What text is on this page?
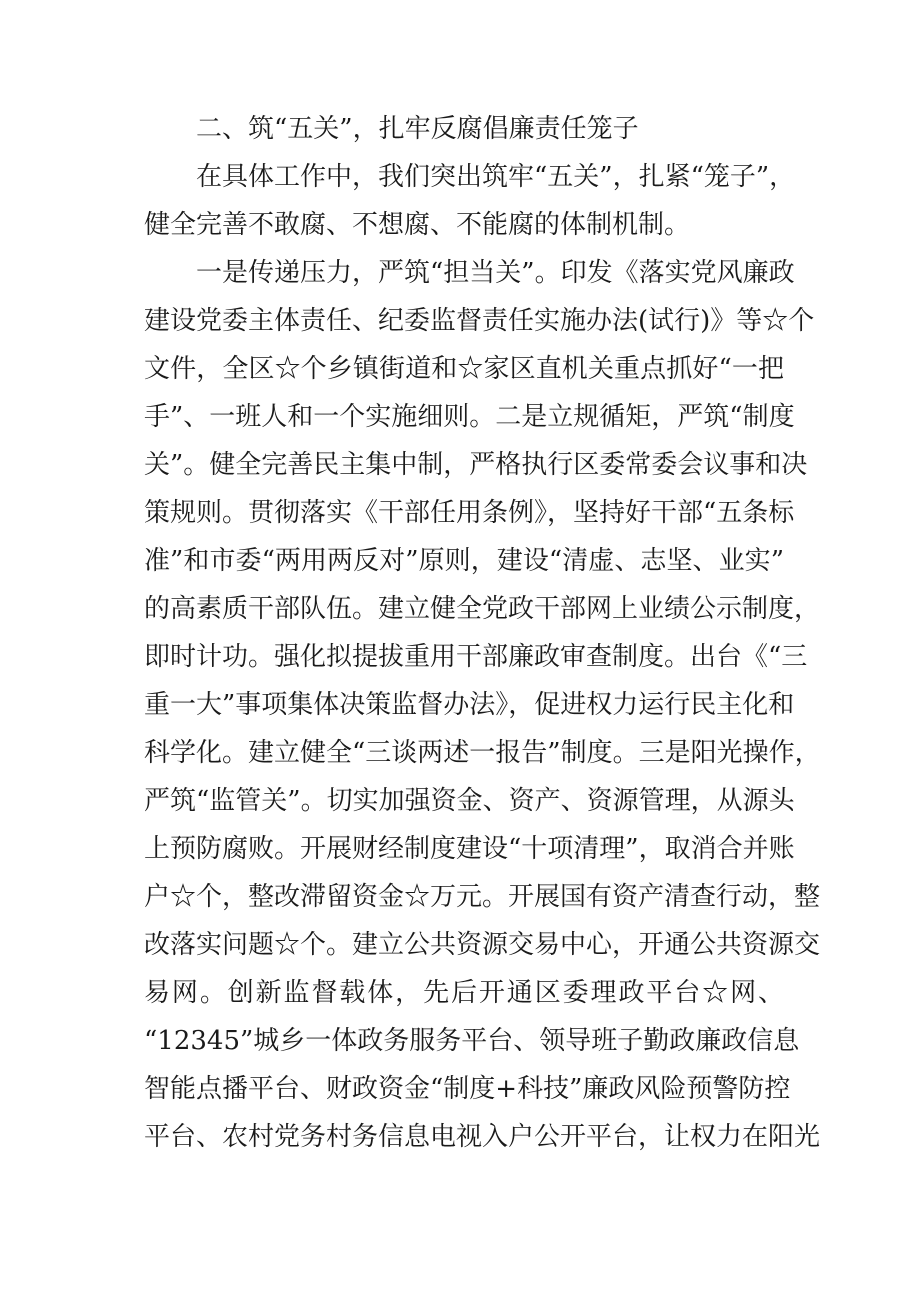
二、筑“五关”，扎牢反腐倡廉责任笼子
在具体工作中，我们突出筑牢“五关”，扎紧“笼子”，
健全完善不敢腐、不想腐、不能腐的体制机制。
一是传递压力，严筑“担当关”。印发《落实党风廉政
建设党委主体责任、纪委监督责任实施办法(试行)》等☆个
文件，全区☆个乡镇街道和☆家区直机关重点抓好“一把
手”、一班人和一个实施细则。二是立规循矩，严筑“制度
关”。健全完善民主集中制，严格执行区委常委会议事和决
策规则。贯彻落实《干部任用条例》，坚持好干部“五条标
准”和市委“两用两反对”原则，建设“清虚、志坚、业实”
的高素质干部队伍。建立健全党政干部网上业绩公示制度，
即时计功。强化拟提拔重用干部廉政审查制度。出台《“三
重一大”事项集体决策监督办法》，促进权力运行民主化和
科学化。建立健全“三谈两述一报告”制度。三是阳光操作，
严筑“监管关”。切实加强资金、资产、资源管理，从源头
上预防腐败。开展财经制度建设“十项清理”，取消合并账
户☆个，整改滞留资金☆万元。开展国有资产清查行动，整
改落实问题☆个。建立公共资源交易中心，开通公共资源交
易网。创新监督载体，先后开通区委理政平台☆网、
“12345”城乡一体政务服务平台、领导班子勤政廉政信息
智能点播平台、财政资金“制度+科技”廉政风险预警防控
平台、农村党务村务信息电视入户公开平台，让权力在阳光
